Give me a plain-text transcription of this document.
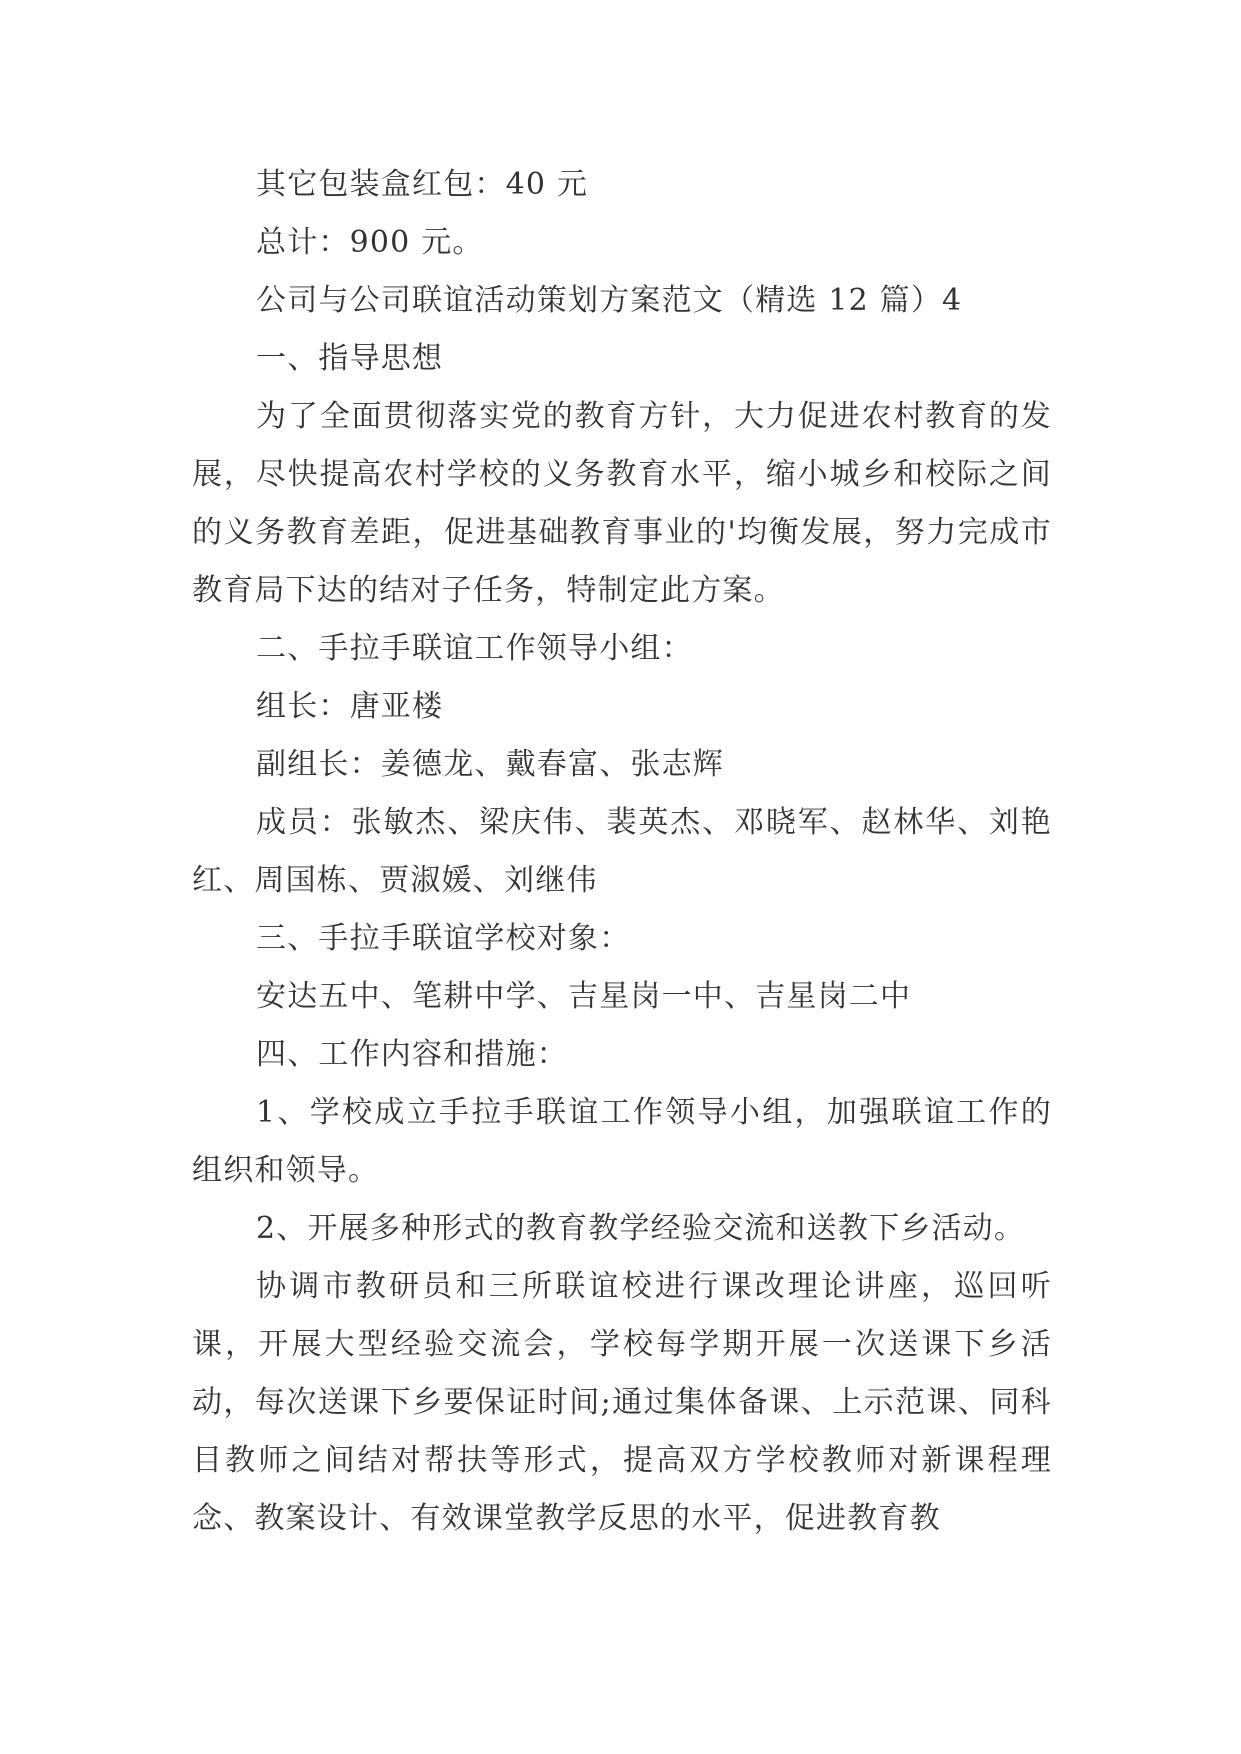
其它包装盒红包：40 元

总计：900 元。

公司与公司联谊活动策划方案范文（精选 12 篇）4

一、指导思想

为了全面贯彻落实党的教育方针，大力促进农村教育的发展，尽快提高农村学校的义务教育水平，缩小城乡和校际之间的义务教育差距，促进基础教育事业的'均衡发展，努力完成市教育局下达的结对子任务，特制定此方案。

二、手拉手联谊工作领导小组：

组长：唐亚楼

副组长：姜德龙、戴春富、张志辉

成员：张敏杰、梁庆伟、裴英杰、邓晓军、赵林华、刘艳红、周国栋、贾淑媛、刘继伟

三、手拉手联谊学校对象：

安达五中、笔耕中学、吉星岗一中、吉星岗二中

四、工作内容和措施：

1、学校成立手拉手联谊工作领导小组，加强联谊工作的组织和领导。

2、开展多种形式的教育教学经验交流和送教下乡活动。

协调市教研员和三所联谊校进行课改理论讲座，巡回听课，开展大型经验交流会，学校每学期开展一次送课下乡活动，每次送课下乡要保证时间;通过集体备课、上示范课、同科目教师之间结对帮扶等形式，提高双方学校教师对新课程理念、教案设计、有效课堂教学反思的水平，促进教育教
